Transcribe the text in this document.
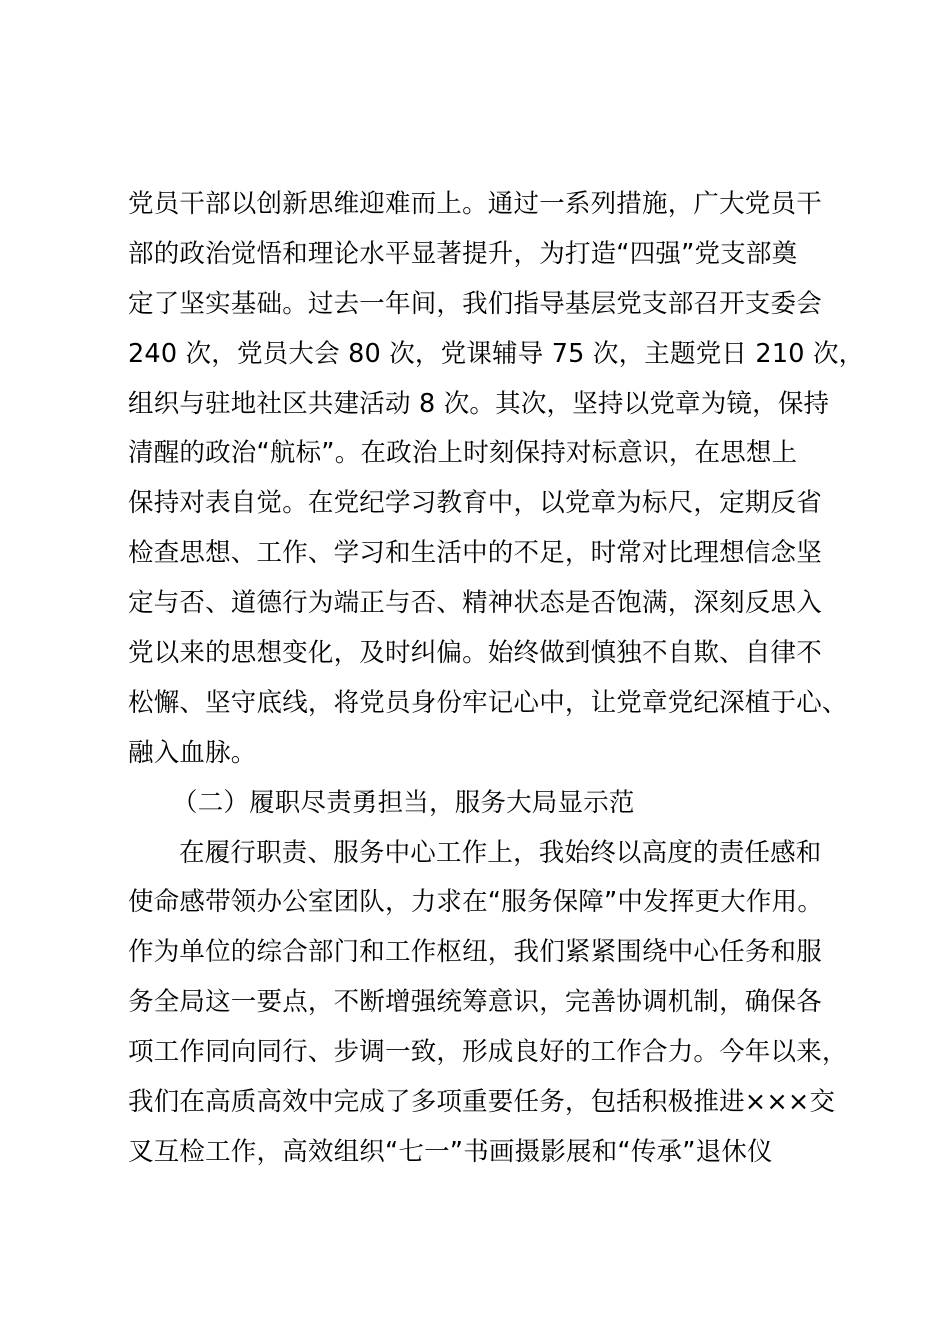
党员干部以创新思维迎难而上。通过一系列措施，广大党员干
部的政治觉悟和理论水平显著提升，为打造“四强”党支部奠
定了坚实基础。过去一年间，我们指导基层党支部召开支委会
240 次，党员大会 80 次，党课辅导 75 次，主题党日 210 次，
组织与驻地社区共建活动 8 次。其次，坚持以党章为镜，保持
清醒的政治“航标”。在政治上时刻保持对标意识，在思想上
保持对表自觉。在党纪学习教育中，以党章为标尺，定期反省
检查思想、工作、学习和生活中的不足，时常对比理想信念坚
定与否、道德行为端正与否、精神状态是否饱满，深刻反思入
党以来的思想变化，及时纠偏。始终做到慎独不自欺、自律不
松懈、坚守底线，将党员身份牢记心中，让党章党纪深植于心、
融入血脉。
（二）履职尽责勇担当，服务大局显示范
在履行职责、服务中心工作上，我始终以高度的责任感和
使命感带领办公室团队，力求在“服务保障”中发挥更大作用。
作为单位的综合部门和工作枢纽，我们紧紧围绕中心任务和服
务全局这一要点，不断增强统筹意识，完善协调机制，确保各
项工作同向同行、步调一致，形成良好的工作合力。今年以来，
我们在高质高效中完成了多项重要任务，包括积极推进×××交
叉互检工作，高效组织“七一”书画摄影展和“传承”退休仪
